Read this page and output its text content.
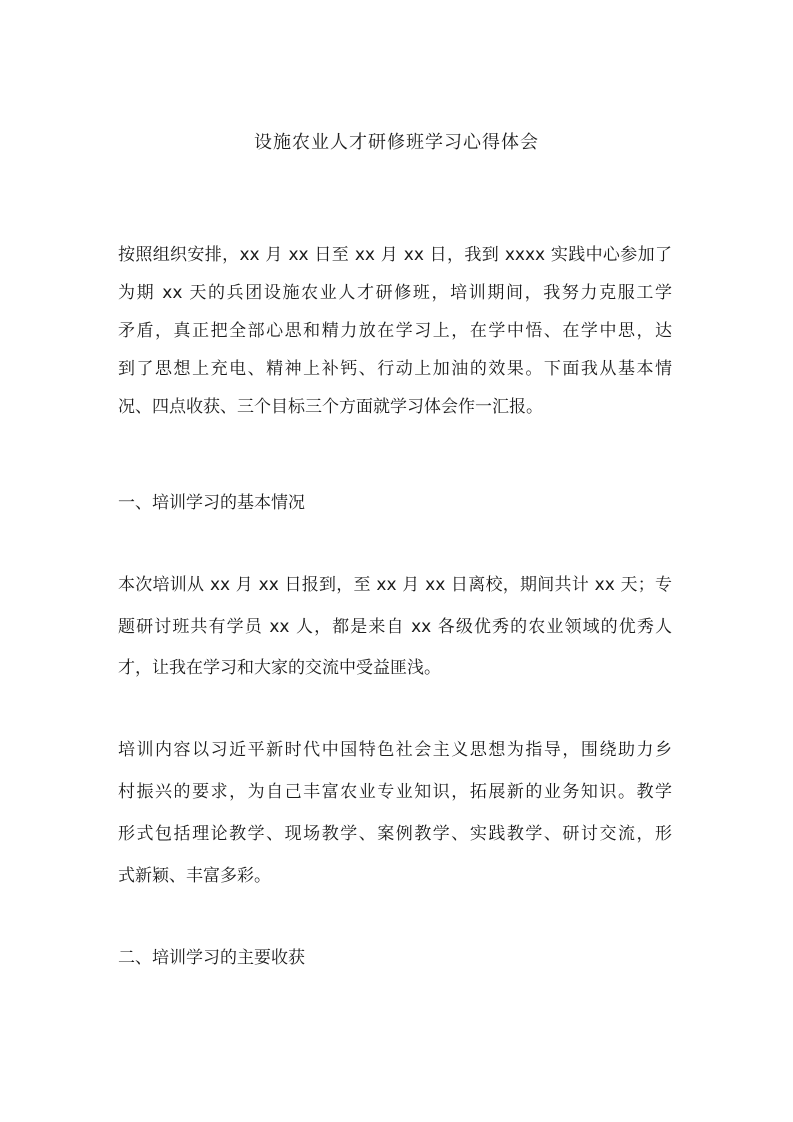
设施农业人才研修班学习心得体会
按照组织安排，xx 月 xx 日至 xx 月 xx 日，我到 xxxx 实践中心参加了
为期 xx 天的兵团设施农业人才研修班，培训期间，我努力克服工学
矛盾，真正把全部心思和精力放在学习上，在学中悟、在学中思，达
到了思想上充电、精神上补钙、行动上加油的效果。下面我从基本情
况、四点收获、三个目标三个方面就学习体会作一汇报。
一、培训学习的基本情况
本次培训从 xx 月 xx 日报到，至 xx 月 xx 日离校，期间共计 xx 天；专
题研讨班共有学员 xx 人，都是来自 xx 各级优秀的农业领域的优秀人
才，让我在学习和大家的交流中受益匪浅。
培训内容以习近平新时代中国特色社会主义思想为指导，围绕助力乡
村振兴的要求，为自己丰富农业专业知识，拓展新的业务知识。教学
形式包括理论教学、现场教学、案例教学、实践教学、研讨交流，形
式新颖、丰富多彩。
二、培训学习的主要收获
